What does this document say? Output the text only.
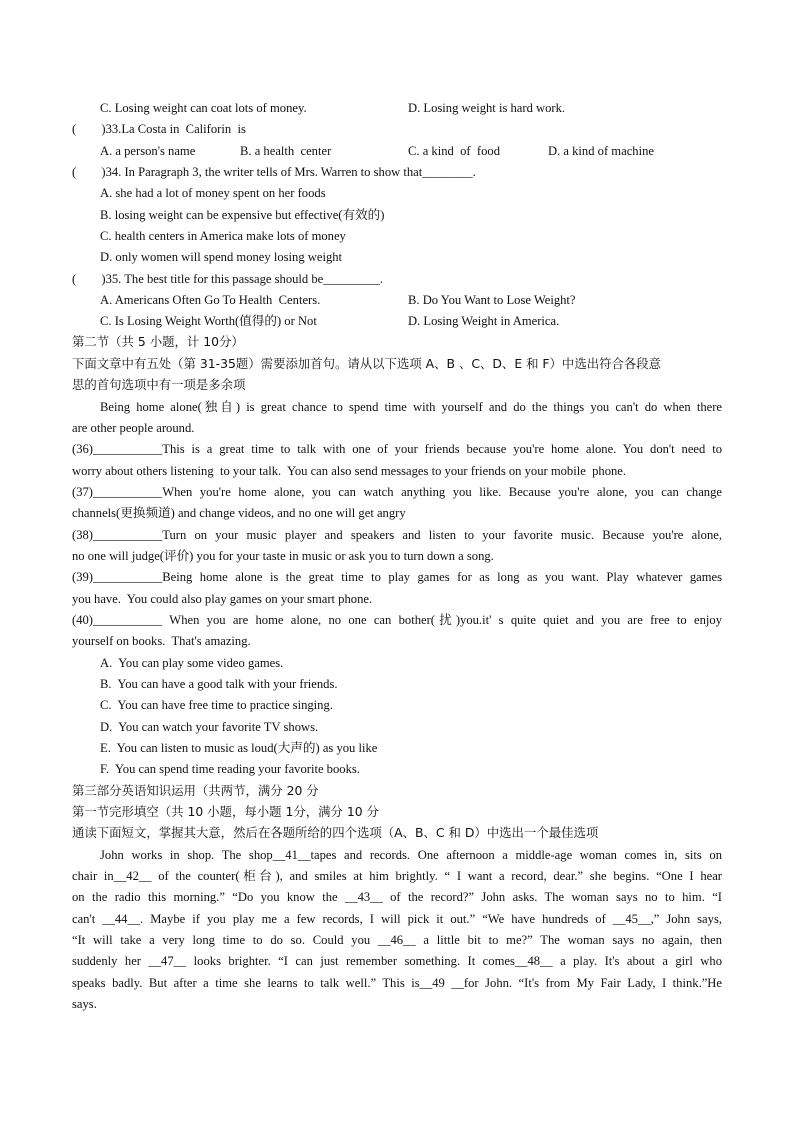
C. Losing weight can coat lots of money.	D. Losing weight is hard work.
(        )33.La Costa in  Califorin  is
A. a person's name	B. a health  center	C. a kind  of  food	D. a kind of machine
(        )34. In Paragraph 3, the writer tells of Mrs. Warren to show that________.
A. she had a lot of money spent on her foods
B. losing weight can be expensive but effective(有效的)
C. health centers in America make lots of money
D. only women will spend money losing weight
(        )35. The best title for this passage should be_________.
A. Americans Often Go To Health  Centers.	B. Do You Want to Lose Weight?
C. Is Losing Weight Worth(值得的) or Not	D. Losing Weight in America.
第二节（共 5 小题，计 10分）
下面文章中有五处（第 31-35题）需要添加首句。请从以下选项 A、B 、C、D、E 和 F）中选出符合各段意
思的首句选项中有一项是多余项
Being home alone(独自) is great chance to spend time with yourself and do the things you can't do when there
are other people around.
(36)___________This is a great time to talk with one of your friends because you're home alone. You don't need to
worry about others listening  to your talk.  You can also send messages to your friends on your mobile  phone.
(37)___________When you're home alone, you can watch anything you like. Because you're alone, you can change
channels(更换频道) and change videos, and no one will get angry
(38)___________Turn on your music player and speakers and listen to your favorite music. Because you're alone,
no one will judge(评价) you for your taste in music or ask you to turn down a song.
(39)___________Being home alone is the great time to play games for as long as you want. Play whatever games
you have.  You could also play games on your smart phone.
(40)___________ When you are home alone, no one can bother(扰)you.it' s quite quiet and you are free to enjoy
yourself on books.  That's amazing.
A.  You can play some video games.
B.  You can have a good talk with your friends.
C.  You can have free time to practice singing.
D.  You can watch your favorite TV shows.
E.  You can listen to music as loud(大声的) as you like
F.  You can spend time reading your favorite books.
第三部分英语知识运用（共两节，满分 20 分
第一节完形填空（共 10 小题，每小题 1分，满分 10 分
通读下面短文，掌握其大意，然后在各题所给的四个选项（A、B、C 和 D）中选出一个最佳选项
John works in shop. The shop__41__tapes and records. One afternoon a middle-age woman comes in, sits on
chair in__42__ of the counter(柜台), and smiles at him brightly. “ I want a record, dear.” she begins. “One I hear
on the radio this morning.” “Do you know the __43__ of the record?” John asks. The woman says no to him. “I
can't __44__. Maybe if you play me a few records, I will pick it out.” “We have hundreds of __45__,” John says,
“It will take a very long time to do so. Could you __46__ a little bit to me?” The woman says no again, then
suddenly her __47__ looks brighter. “I can just remember something. It comes__48__ a play. It's about a girl who
speaks badly. But after a time she learns to talk well.” This is__49 __for John. “It's from My Fair Lady, I think.”He
says.
